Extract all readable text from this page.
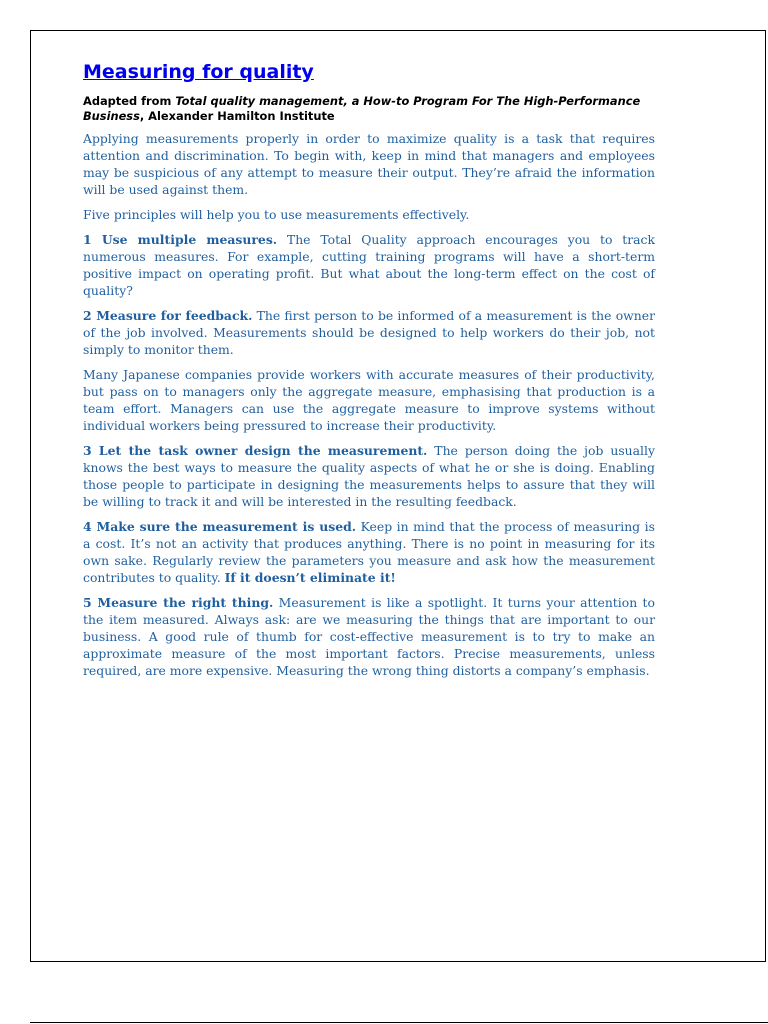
Measuring for quality

Adapted from Total quality management, a How-to Program For The High-Performance Business, Alexander Hamilton Institute

Applying measurements properly in order to maximize quality is a task that requires attention and discrimination. To begin with, keep in mind that managers and employees may be suspicious of any attempt to measure their output. They’re afraid the information will be used against them.

Five principles will help you to use measurements effectively.

1 Use multiple measures. The Total Quality approach encourages you to track numerous measures. For example, cutting training programs will have a short-term positive impact on operating profit. But what about the long-term effect on the cost of quality?

2 Measure for feedback. The first person to be informed of a measurement is the owner of the job involved. Measurements should be designed to help workers do their job, not simply to monitor them.

Many Japanese companies provide workers with accurate measures of their productivity, but pass on to managers only the aggregate measure, emphasising that production is a team effort. Managers can use the aggregate measure to improve systems without individual workers being pressured to increase their productivity.

3 Let the task owner design the measurement. The person doing the job usually knows the best ways to measure the quality aspects of what he or she is doing. Enabling those people to participate in designing the measurements helps to assure that they will be willing to track it and will be interested in the resulting feedback.

4 Make sure the measurement is used. Keep in mind that the process of measuring is a cost. It’s not an activity that produces anything. There is no point in measuring for its own sake. Regularly review the parameters you measure and ask how the measurement contributes to quality. If it doesn’t eliminate it!

5 Measure the right thing. Measurement is like a spotlight. It turns your attention to the item measured. Always ask: are we measuring the things that are important to our business. A good rule of thumb for cost-effective measurement is to try to make an approximate measure of the most important factors. Precise measurements, unless required, are more expensive. Measuring the wrong thing distorts a company’s emphasis.
